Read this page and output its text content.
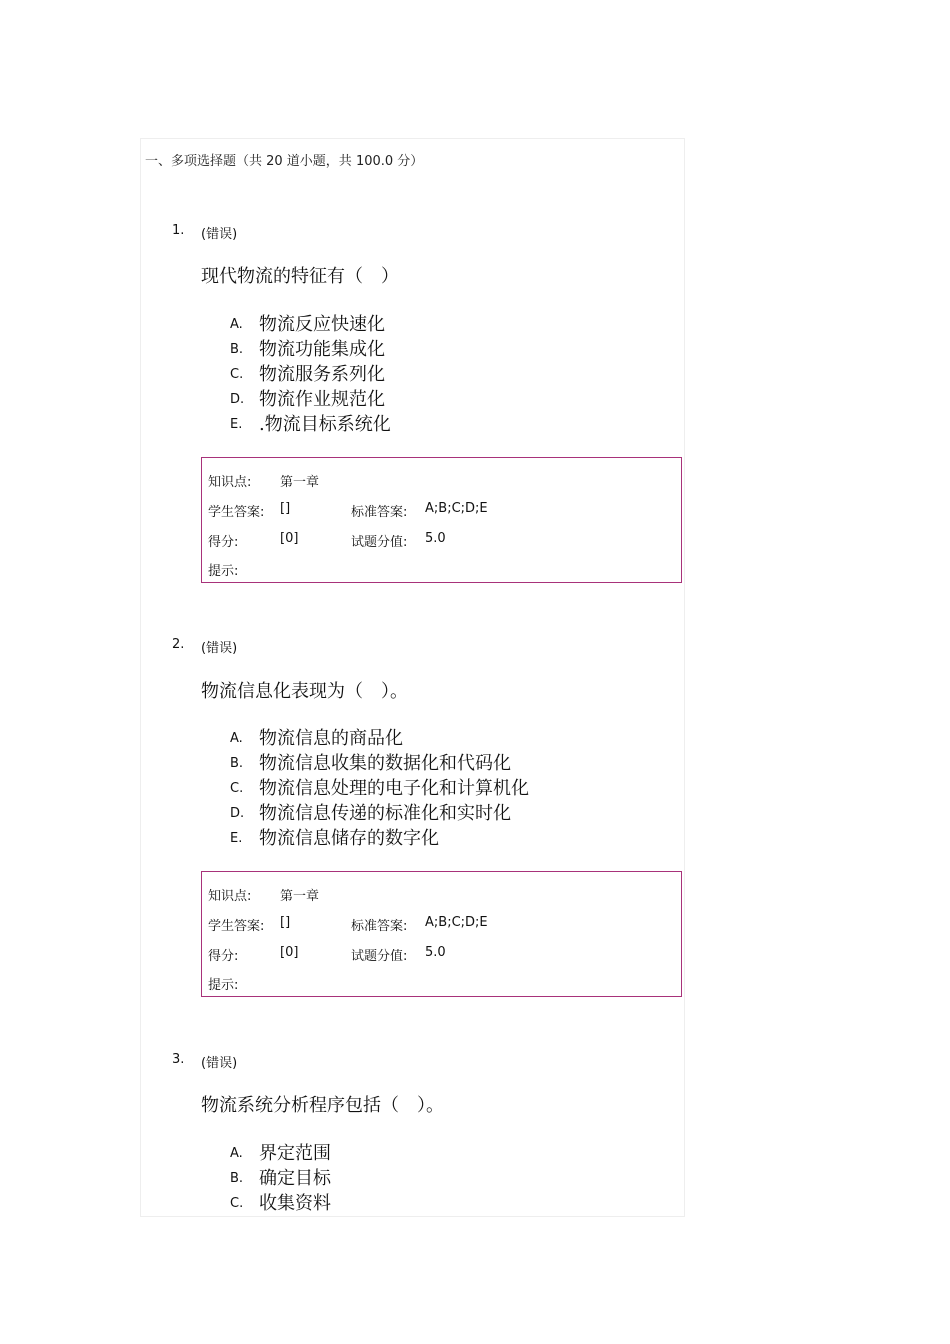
一、多项选择题（共 20 道小题，共 100.0 分）
1. (错误)
现代物流的特征有（　）
A. 物流反应快速化
B. 物流功能集成化
C. 物流服务系列化
D. 物流作业规范化
E. .物流目标系统化
知识点: 第一章
学生答案: []	标准答案: A;B;C;D;E
得分:	[0]	试题分值: 5.0
提示:
2. (错误)
物流信息化表现为（　）。
A. 物流信息的商品化
B. 物流信息收集的数据化和代码化
C. 物流信息处理的电子化和计算机化
D. 物流信息传递的标准化和实时化
E. 物流信息储存的数字化
知识点: 第一章
学生答案: []	标准答案: A;B;C;D;E
得分:	[0]	试题分值: 5.0
提示:
3. (错误)
物流系统分析程序包括（　）。
A. 界定范围
B. 确定目标
C. 收集资料
